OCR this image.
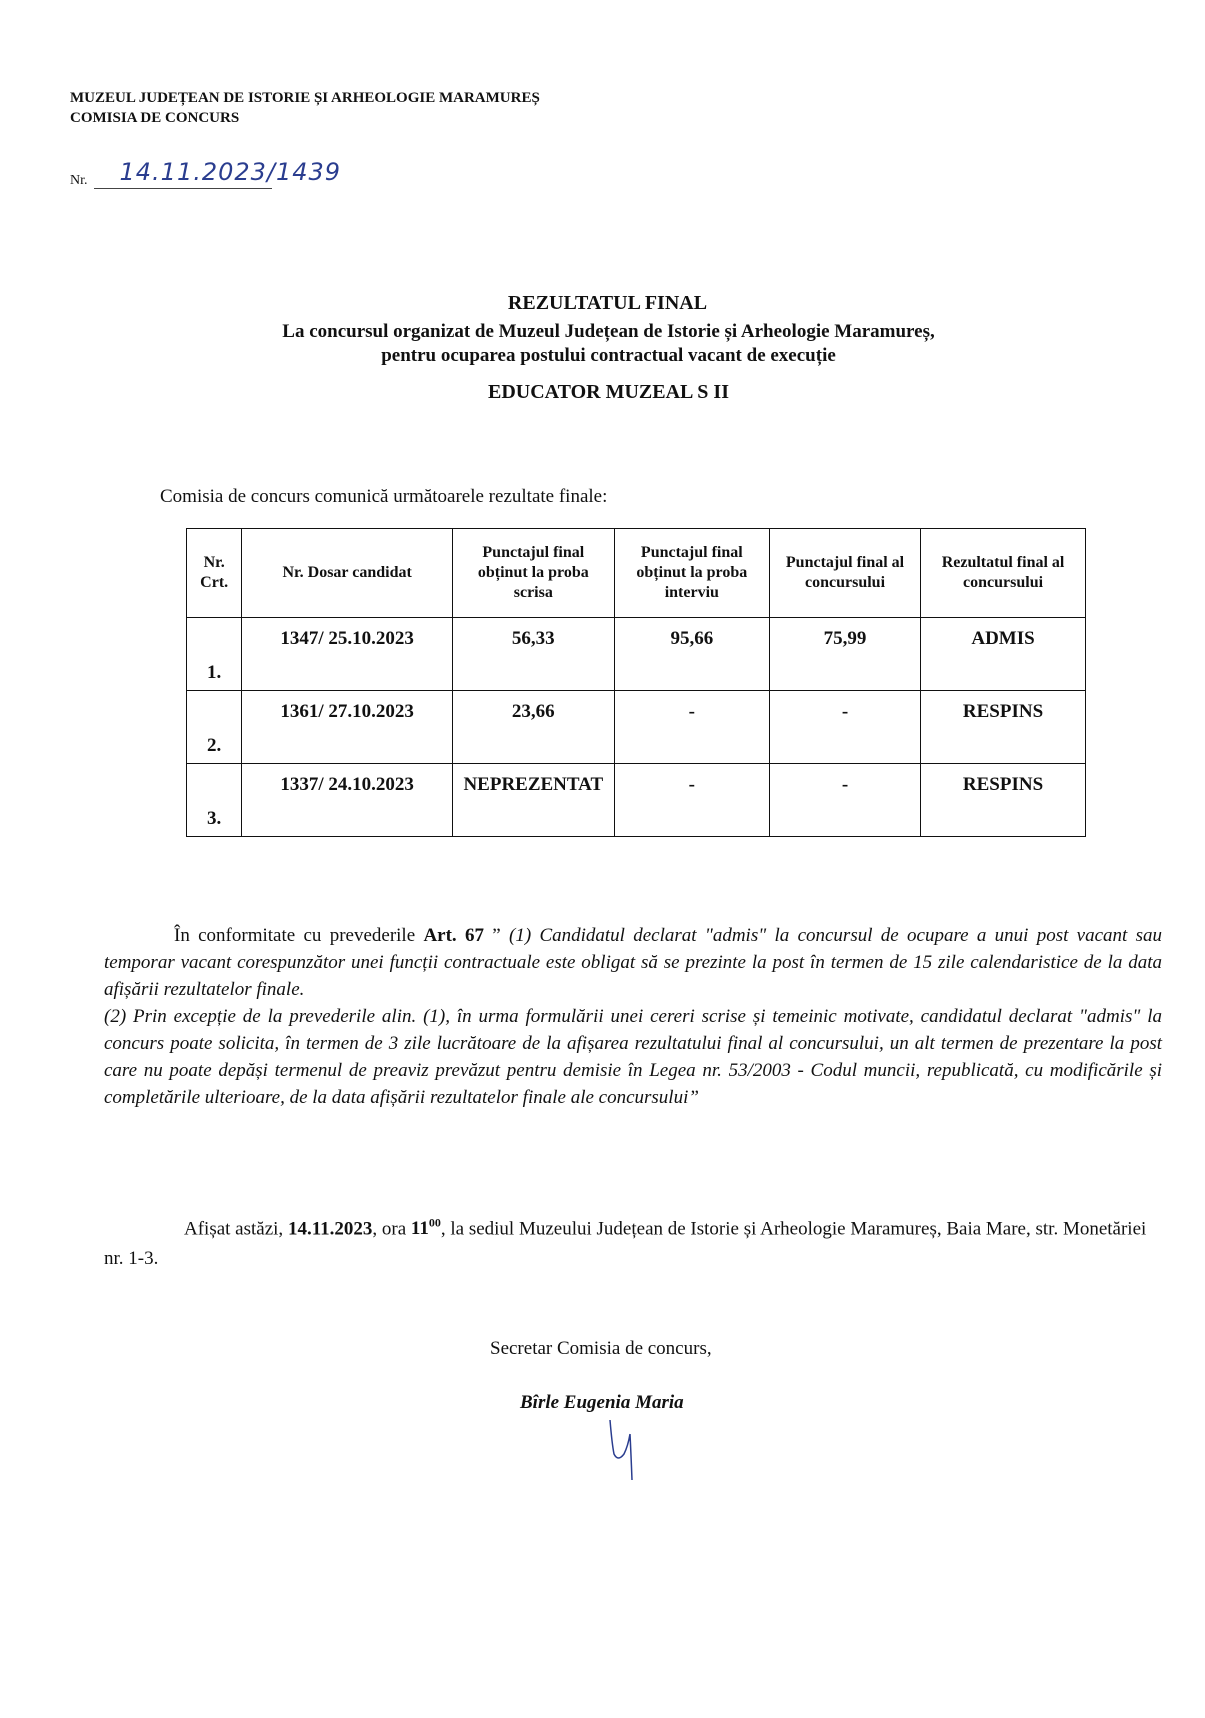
MUZEUL JUDEȚEAN DE ISTORIE ȘI ARHEOLOGIE MARAMUREȘ
COMISIA DE CONCURS
Nr. 14.11.2023/1439
REZULTATUL FINAL
La concursul organizat de Muzeul Județean de Istorie și Arheologie Maramureș,
pentru ocuparea postului contractual vacant de execuție
EDUCATOR MUZEAL S II
Comisia de concurs comunică următoarele rezultate finale:
Nr. Crt.	Nr. Dosar candidat	Punctajul final obținut la proba scrisa	Punctajul final obținut la proba interviu	Punctajul final al concursului	Rezultatul final al concursului
1.	1347/ 25.10.2023	56,33	95,66	75,99	ADMIS
2.	1361/ 27.10.2023	23,66	-	-	RESPINS
3.	1337/ 24.10.2023	NEPREZENTAT	-	-	RESPINS

În conformitate cu prevederile Art. 67 ” (1) Candidatul declarat "admis" la concursul de ocupare a unui post vacant sau temporar vacant corespunzător unei funcții contractuale este obligat să se prezinte la post în termen de 15 zile calendaristice de la data afișării rezultatelor finale.

(2) Prin excepție de la prevederile alin. (1), în urma formulării unei cereri scrise și temeinic motivate, candidatul declarat "admis" la concurs poate solicita, în termen de 3 zile lucrătoare de la afișarea rezultatului final al concursului, un alt termen de prezentare la post care nu poate depăși termenul de preaviz prevăzut pentru demisie în Legea nr. 53/2003 - Codul muncii, republicată, cu modificările și completările ulterioare, de la data afișării rezultatelor finale ale concursului”

Afișat astăzi, 14.11.2023, ora $11^{00}$, la sediul Muzeului Județean de Istorie și Arheologie Maramureș, Baia Mare, str. Monetăriei nr. 1-3.

Secretar Comisia de concurs,
Bîrle Eugenia Maria
